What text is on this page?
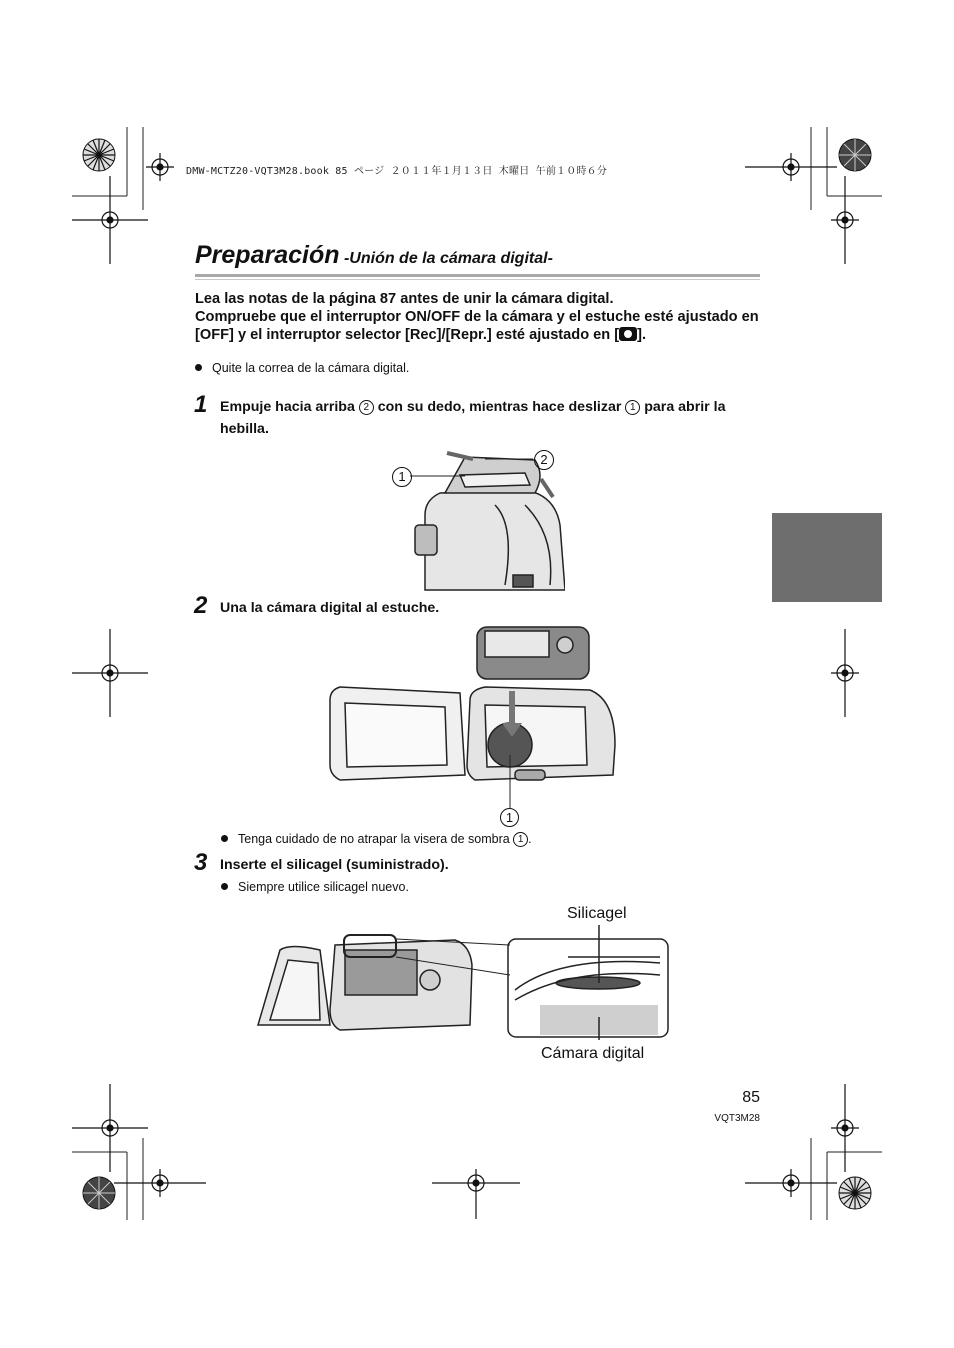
DMW-MCTZ20-VQT3M28.book 85 ページ ２０１１年１月１３日 木曜日 午前１０時６分
Preparación -Unión de la cámara digital-
Lea las notas de la página 87 antes de unir la cámara digital.
Compruebe que el interruptor ON/OFF de la cámara y el estuche esté ajustado en [OFF] y el interruptor selector [Rec]/[Repr.] esté ajustado en [ ].
Quite la correa de la cámara digital.
1 Empuje hacia arriba 2 con su dedo, mientras hace deslizar 1 para abrir la hebilla.
1
2
2 Una la cámara digital al estuche.
1
Tenga cuidado de no atrapar la visera de sombra 1 .
3 Inserte el silicagel (suministrado).
Siempre utilice silicagel nuevo.
Silicagel
Cámara digital
85
VQT3M28
